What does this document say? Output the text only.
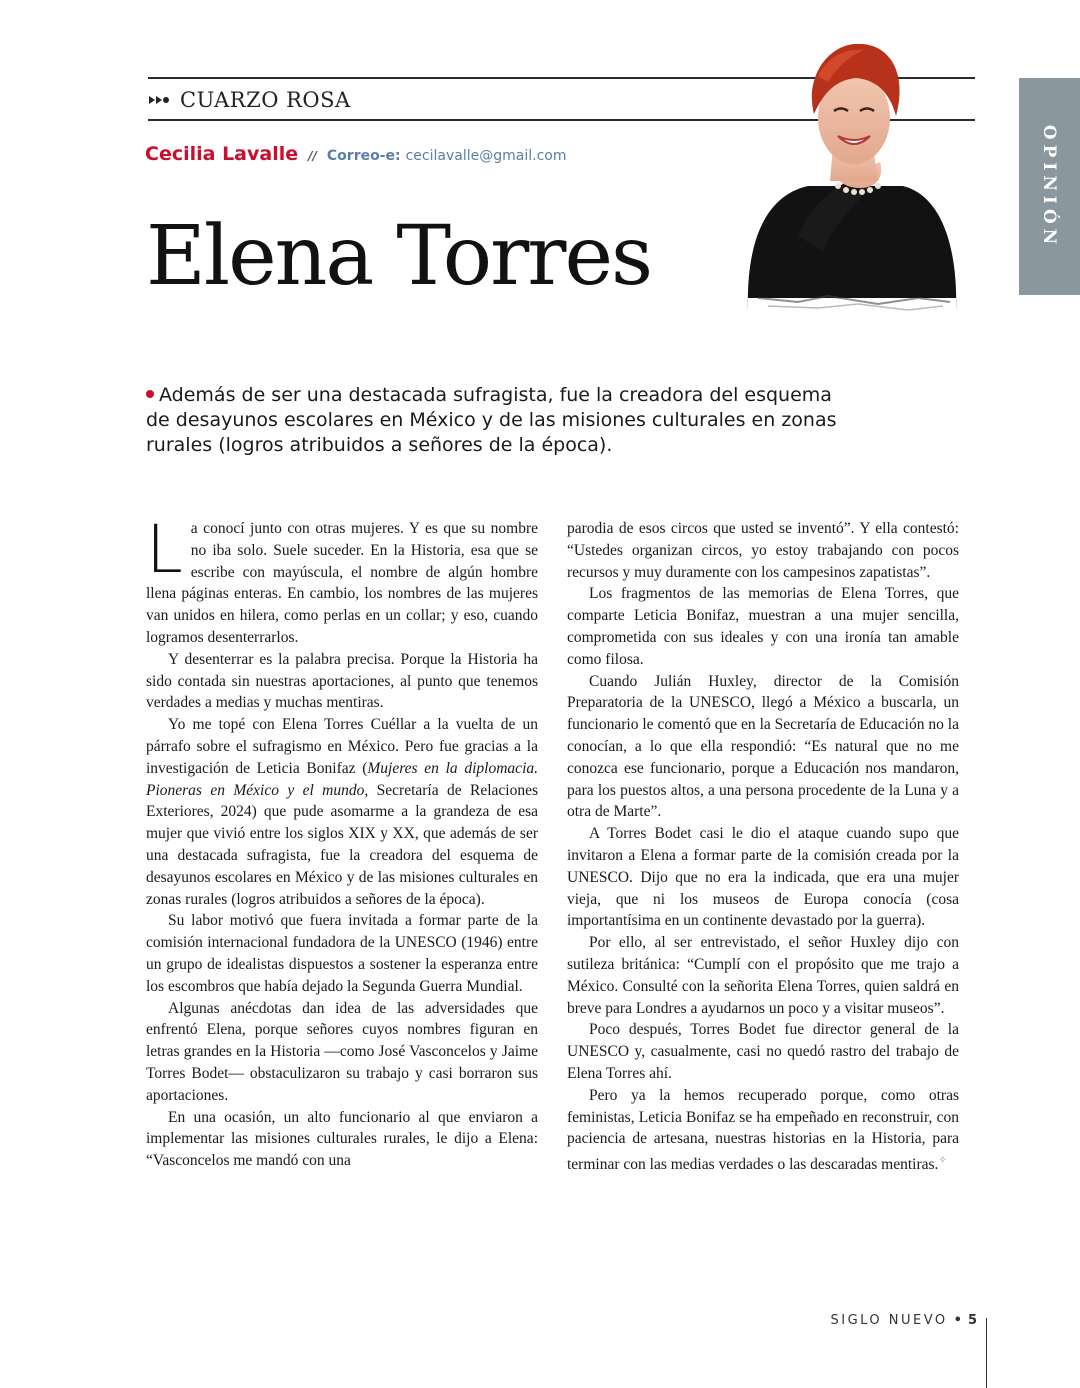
CUARZO ROSA
Cecilia Lavalle // Correo-e: cecilavalle@gmail.com
Elena Torres
OPINIÓN

Además de ser una destacada sufragista, fue la creadora del esquema de desayunos escolares en México y de las misiones culturales en zonas rurales (logros atribuidos a señores de la época).

La conocí junto con otras mujeres. Y es que su nombre no iba solo. Suele suceder. En la Historia, esa que se escribe con mayúscula, el nombre de algún hombre llena páginas enteras. En cambio, los nombres de las mujeres van unidos en hilera, como perlas en un collar; y eso, cuando logramos desenterrarlos.

Y desenterrar es la palabra precisa. Porque la Historia ha sido contada sin nuestras aportaciones, al punto que tenemos verdades a medias y muchas mentiras.

Yo me topé con Elena Torres Cuéllar a la vuelta de un párrafo sobre el sufragismo en México. Pero fue gracias a la investigación de Leticia Bonifaz (Mujeres en la diplomacia. Pioneras en México y el mundo, Secretaría de Relaciones Exteriores, 2024) que pude asomarme a la grandeza de esa mujer que vivió entre los siglos XIX y XX, que además de ser una destacada sufragista, fue la creadora del esquema de desayunos escolares en México y de las misiones culturales en zonas rurales (logros atribuidos a señores de la época).

Su labor motivó que fuera invitada a formar parte de la comisión internacional fundadora de la UNESCO (1946) entre un grupo de idealistas dispuestos a sostener la esperanza entre los escombros que había dejado la Segunda Guerra Mundial.

Algunas anécdotas dan idea de las adversidades que enfrentó Elena, porque señores cuyos nombres figuran en letras grandes en la Historia —como José Vasconcelos y Jaime Torres Bodet— obstaculizaron su trabajo y casi borraron sus aportaciones.

En una ocasión, un alto funcionario al que enviaron a implementar las misiones culturales rurales, le dijo a Elena: “Vasconcelos me mandó con una

parodia de esos circos que usted se inventó”. Y ella contestó: “Ustedes organizan circos, yo estoy trabajando con pocos recursos y muy duramente con los campesinos zapatistas”.

Los fragmentos de las memorias de Elena Torres, que comparte Leticia Bonifaz, muestran a una mujer sencilla, comprometida con sus ideales y con una ironía tan amable como filosa.

Cuando Julián Huxley, director de la Comisión Preparatoria de la UNESCO, llegó a México a buscarla, un funcionario le comentó que en la Secretaría de Educación no la conocían, a lo que ella respondió: “Es natural que no me conozca ese funcionario, porque a Educación nos mandaron, para los puestos altos, a una persona procedente de la Luna y a otra de Marte”.

A Torres Bodet casi le dio el ataque cuando supo que invitaron a Elena a formar parte de la comisión creada por la UNESCO. Dijo que no era la indicada, que era una mujer vieja, que ni los museos de Europa conocía (cosa importantísima en un continente devastado por la guerra).

Por ello, al ser entrevistado, el señor Huxley dijo con sutileza británica: “Cumplí con el propósito que me trajo a México. Consulté con la señorita Elena Torres, quien saldrá en breve para Londres a ayudarnos un poco y a visitar museos”.

Poco después, Torres Bodet fue director general de la UNESCO y, casualmente, casi no quedó rastro del trabajo de Elena Torres ahí.

Pero ya la hemos recuperado porque, como otras feministas, Leticia Bonifaz se ha empeñado en reconstruir, con paciencia de artesana, nuestras historias en la Historia, para terminar con las medias verdades o las descaradas mentiras.✧

SIGLO NUEVO • 5
